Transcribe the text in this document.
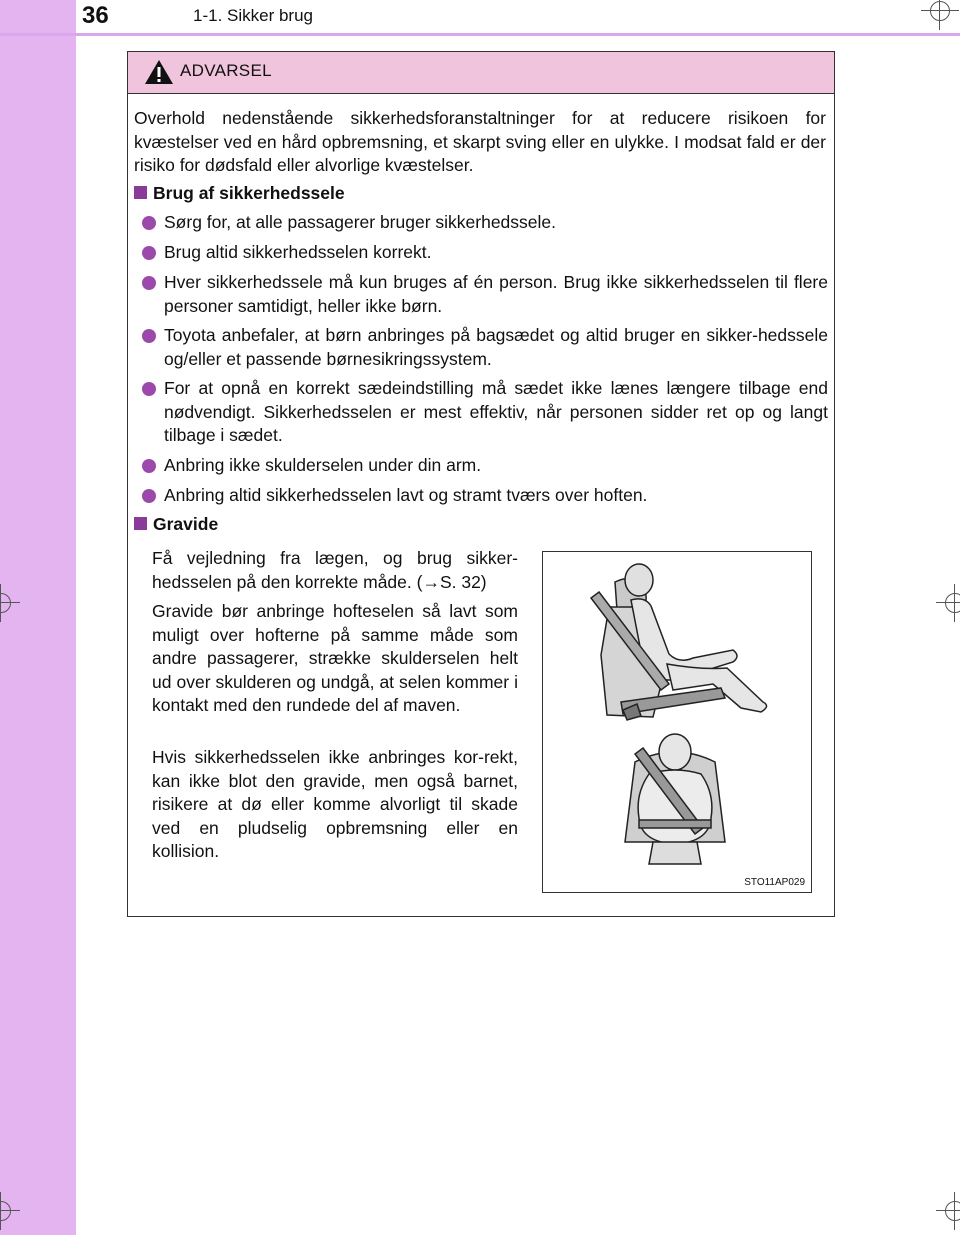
36	1-1. Sikker brug
ADVARSEL

Overhold nedenstående sikkerhedsforanstaltninger for at reducere risikoen for kvæstelser ved en hård opbremsning, et skarpt sving eller en ulykke. I modsat fald er der risiko for dødsfald eller alvorlige kvæstelser.

Brug af sikkerhedssele
Sørg for, at alle passagerer bruger sikkerhedssele.
Brug altid sikkerhedsselen korrekt.
Hver sikkerhedssele må kun bruges af én person. Brug ikke sikkerhedsselen til flere personer samtidigt, heller ikke børn.
Toyota anbefaler, at børn anbringes på bagsædet og altid bruger en sikker-hedssele og/eller et passende børnesikringssystem.
For at opnå en korrekt sædeindstilling må sædet ikke lænes længere tilbage end nødvendigt. Sikkerhedsselen er mest effektiv, når personen sidder ret op og langt tilbage i sædet.
Anbring ikke skulderselen under din arm.
Anbring altid sikkerhedsselen lavt og stramt tværs over hoften.
Gravide

Få vejledning fra lægen, og brug sikker-hedsselen på den korrekte måde. (→S. 32)

Gravide bør anbringe hofteselen så lavt som muligt over hofterne på samme måde som andre passagerer, strække skulderselen helt ud over skulderen og undgå, at selen kommer i kontakt med den rundede del af maven.

Hvis sikkerhedsselen ikke anbringes kor-rekt, kan ikke blot den gravide, men også barnet, risikere at dø eller komme alvorligt til skade ved en pludselig opbremsning eller en kollision.

STO11AP029
